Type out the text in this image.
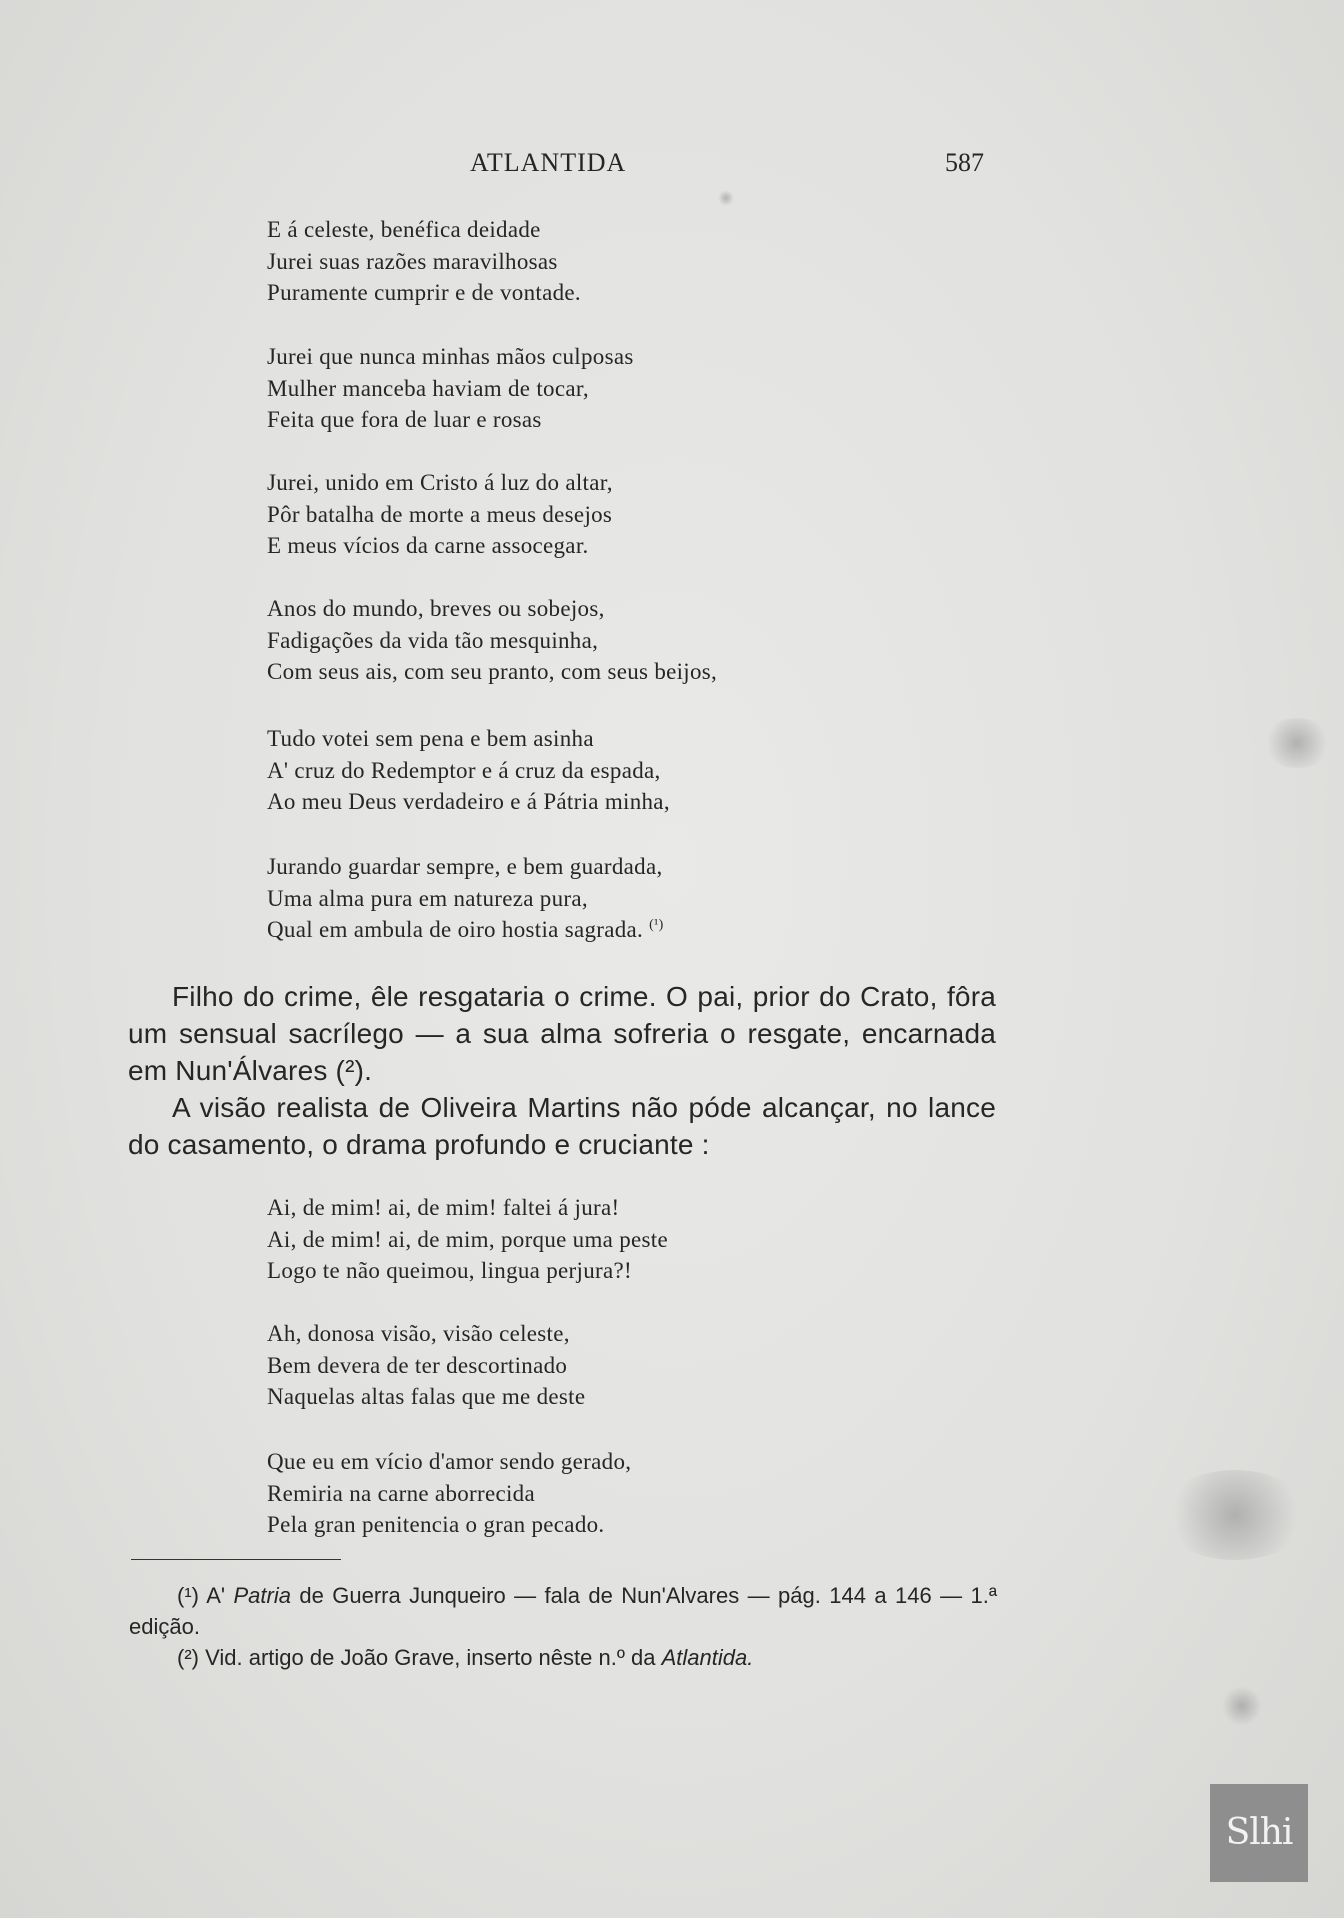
ATLANTIDA	587
E á celeste, benéfica deidade
Jurei suas razões maravilhosas
Puramente cumprir e de vontade.
Jurei que nunca minhas mãos culposas
Mulher manceba haviam de tocar,
Feita que fora de luar e rosas
Jurei, unido em Cristo á luz do altar,
Pôr batalha de morte a meus desejos
E meus vícios da carne assocegar.
Anos do mundo, breves ou sobejos,
Fadigações da vida tão mesquinha,
Com seus ais, com seu pranto, com seus beijos,
Tudo votei sem pena e bem asinha
A' cruz do Redemptor e á cruz da espada,
Ao meu Deus verdadeiro e á Pátria minha,
Jurando guardar sempre, e bem guardada,
Uma alma pura em natureza pura,
Qual em ambula de oiro hostia sagrada. $^{(^1)}$

Filho do crime, êle resgataria o crime. O pai, prior do Crato, fôra um sensual sacrílego — a sua alma sofreria o resgate, encarnada em Nun'Álvares (²).

A visão realista de Oliveira Martins não póde alcançar, no lance do casamento, o drama profundo e cruciante :

Ai, de mim! ai, de mim! faltei á jura!
Ai, de mim! ai, de mim, porque uma peste
Logo te não queimou, lingua perjura?!
Ah, donosa visão, visão celeste,
Bem devera de ter descortinado
Naquelas altas falas que me deste
Que eu em vício d'amor sendo gerado,
Remiria na carne aborrecida
Pela gran penitencia o gran pecado.

(¹) A' Patria de Guerra Junqueiro — fala de Nun'Alvares — pág. 144 a 146 — 1.ª edição.

(²) Vid. artigo de João Grave, inserto nêste n.º da Atlantida.

Slhi
